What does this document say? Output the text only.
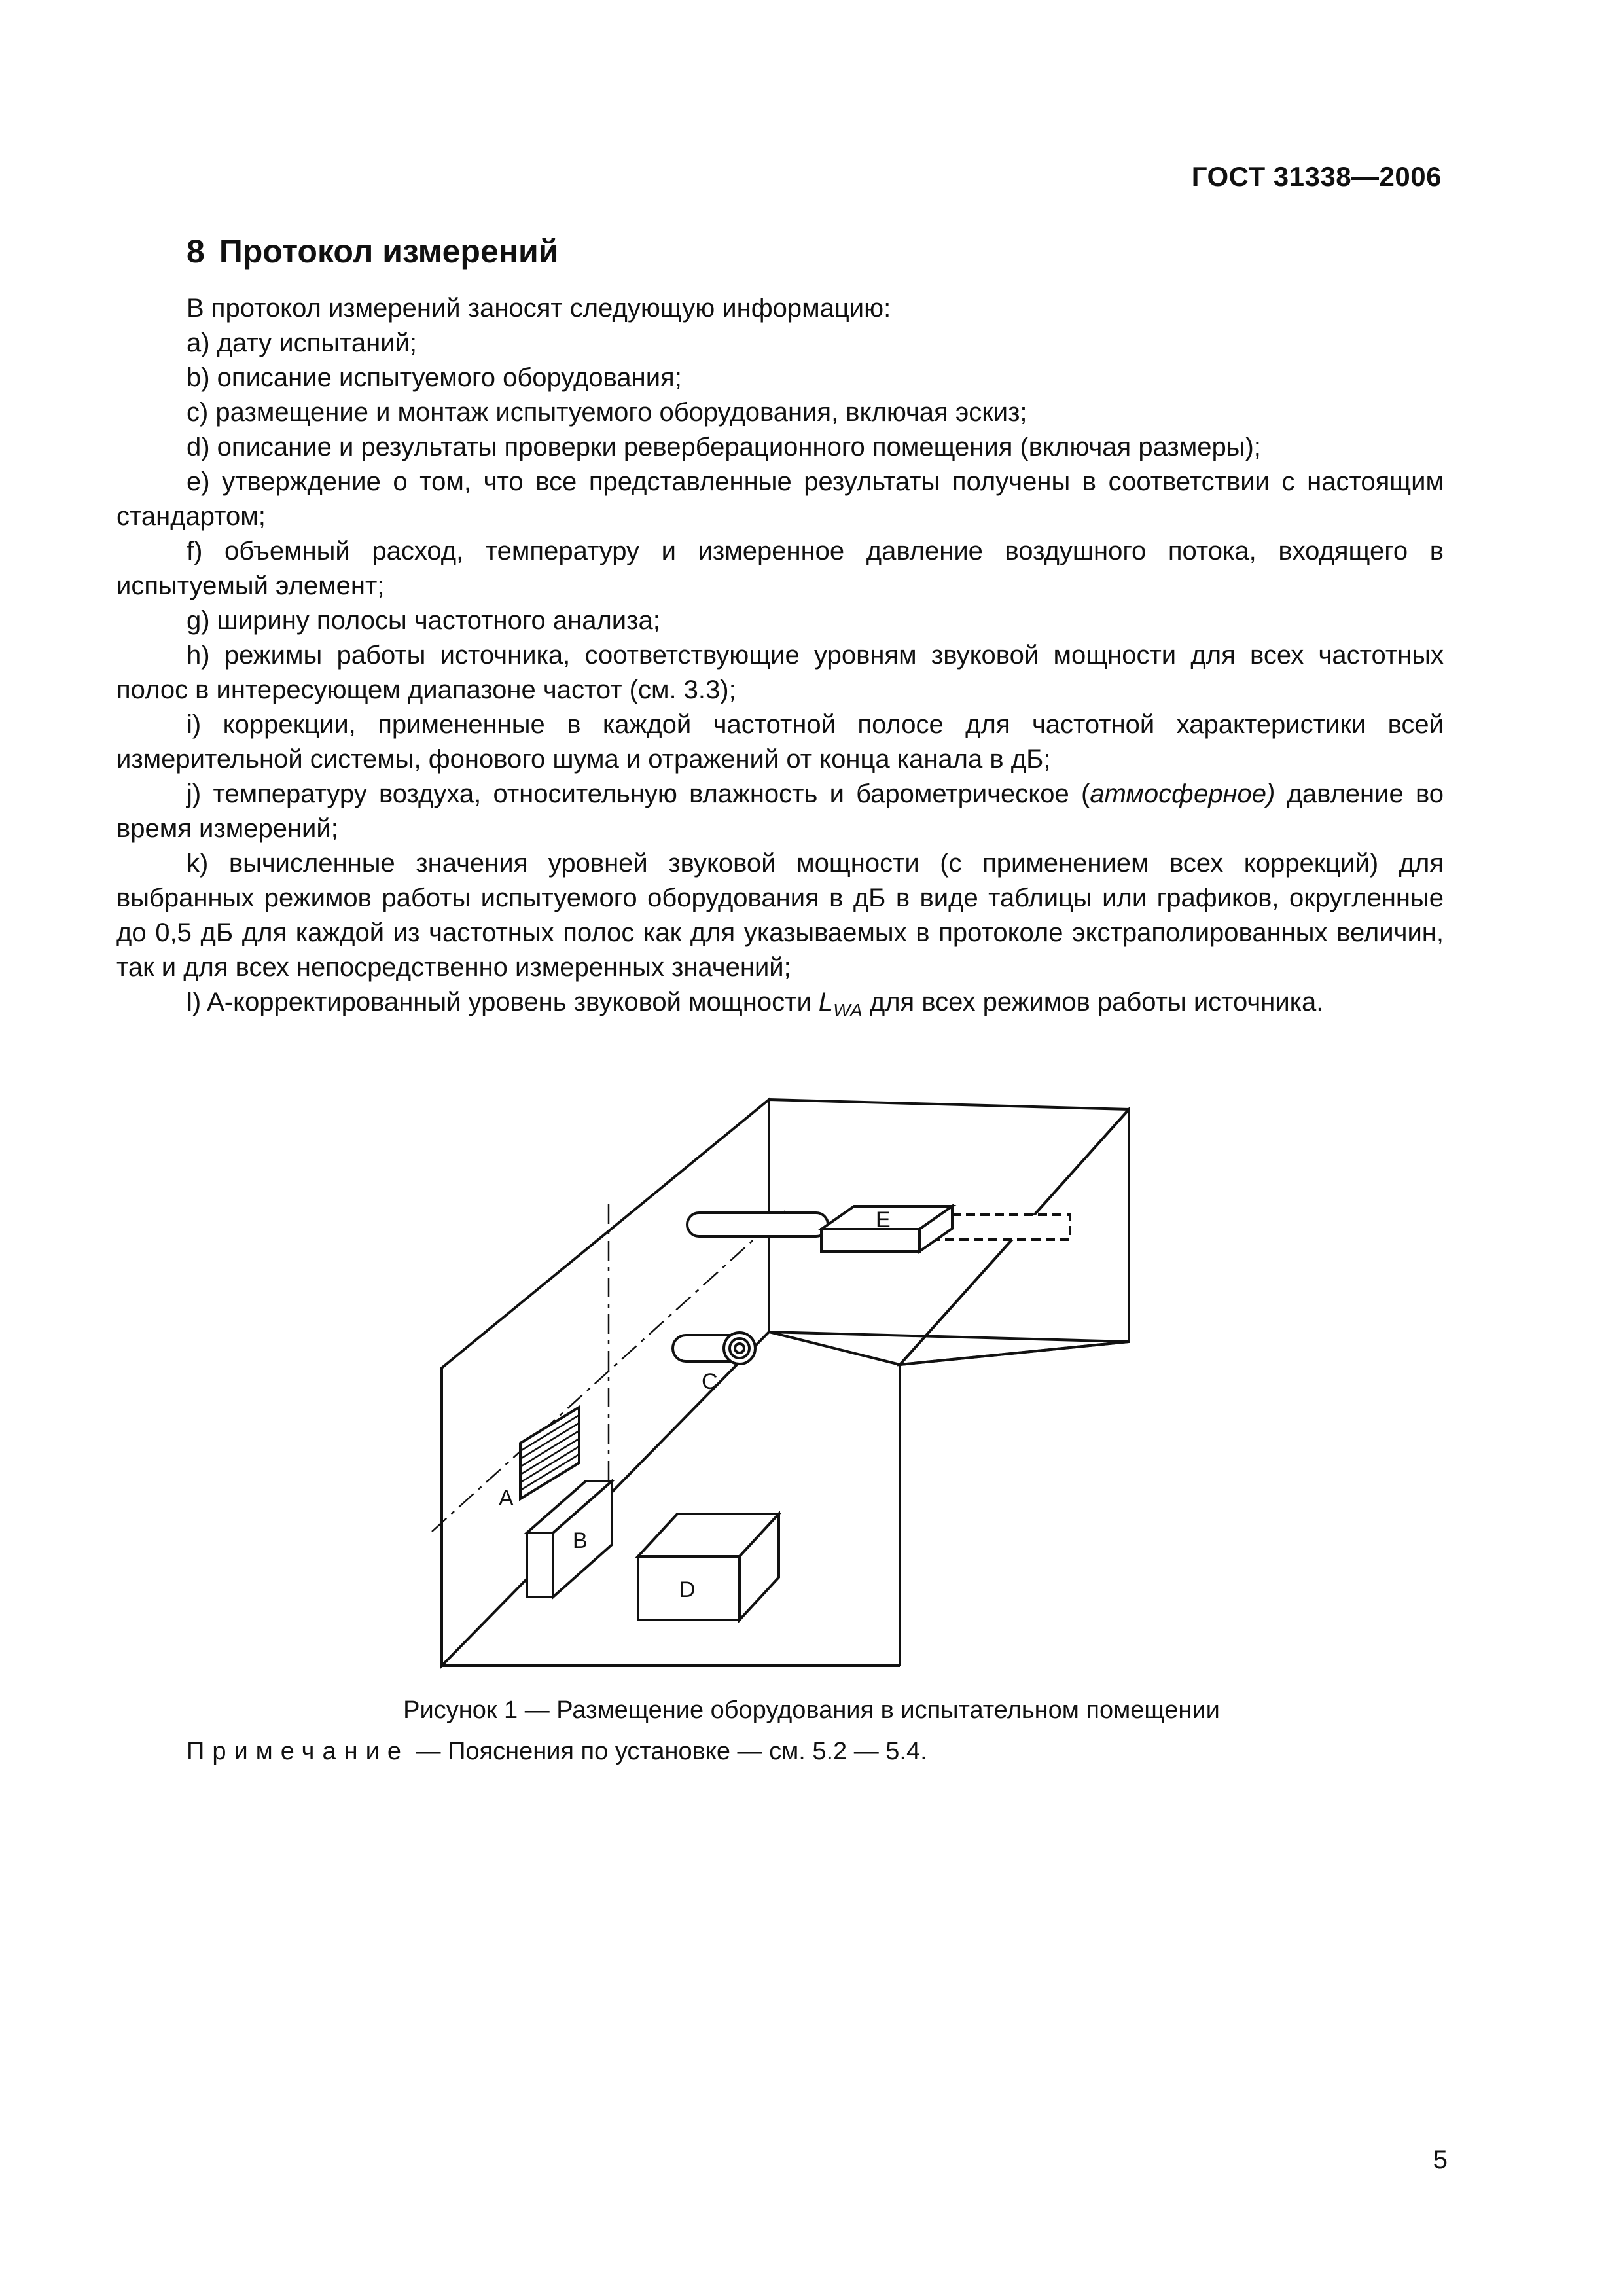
ГОСТ 31338—2006
8 Протокол измерений

В протокол измерений заносят следующую информацию:

a) дату испытаний;

b) описание испытуемого оборудования;

c) размещение и монтаж испытуемого оборудования, включая эскиз;

d) описание и результаты проверки реверберационного помещения (включая размеры);

e) утверждение о том, что все представленные результаты получены в соответствии с настоящим стандартом;

f) объемный расход, температуру и измеренное давление воздушного потока, входящего в испытуемый элемент;

g) ширину полосы частотного анализа;

h) режимы работы источника, соответствующие уровням звуковой мощности для всех частотных полос в интересующем диапазоне частот (см. 3.3);

i) коррекции, примененные в каждой частотной полосе для частотной характеристики всей измерительной системы, фонового шума и отражений от конца канала в дБ;

j) температуру воздуха, относительную влажность и барометрическое (атмосферное) давление во время измерений;

k) вычисленные значения уровней звуковой мощности (с применением всех коррекций) для выбранных режимов работы испытуемого оборудования в дБ в виде таблицы или графиков, округленные до 0,5 дБ для каждой из частотных полос как для указываемых в протоколе экстраполированных величин, так и для всех непосредственно измеренных значений;

l) A-корректированный уровень звуковой мощности $L_{WA}$ для всех режимов работы источника.

E
C
A
B
D
Рисунок 1 — Размещение оборудования в испытательном помещении
Примечание — Пояснения по установке — см. 5.2 — 5.4.
5
